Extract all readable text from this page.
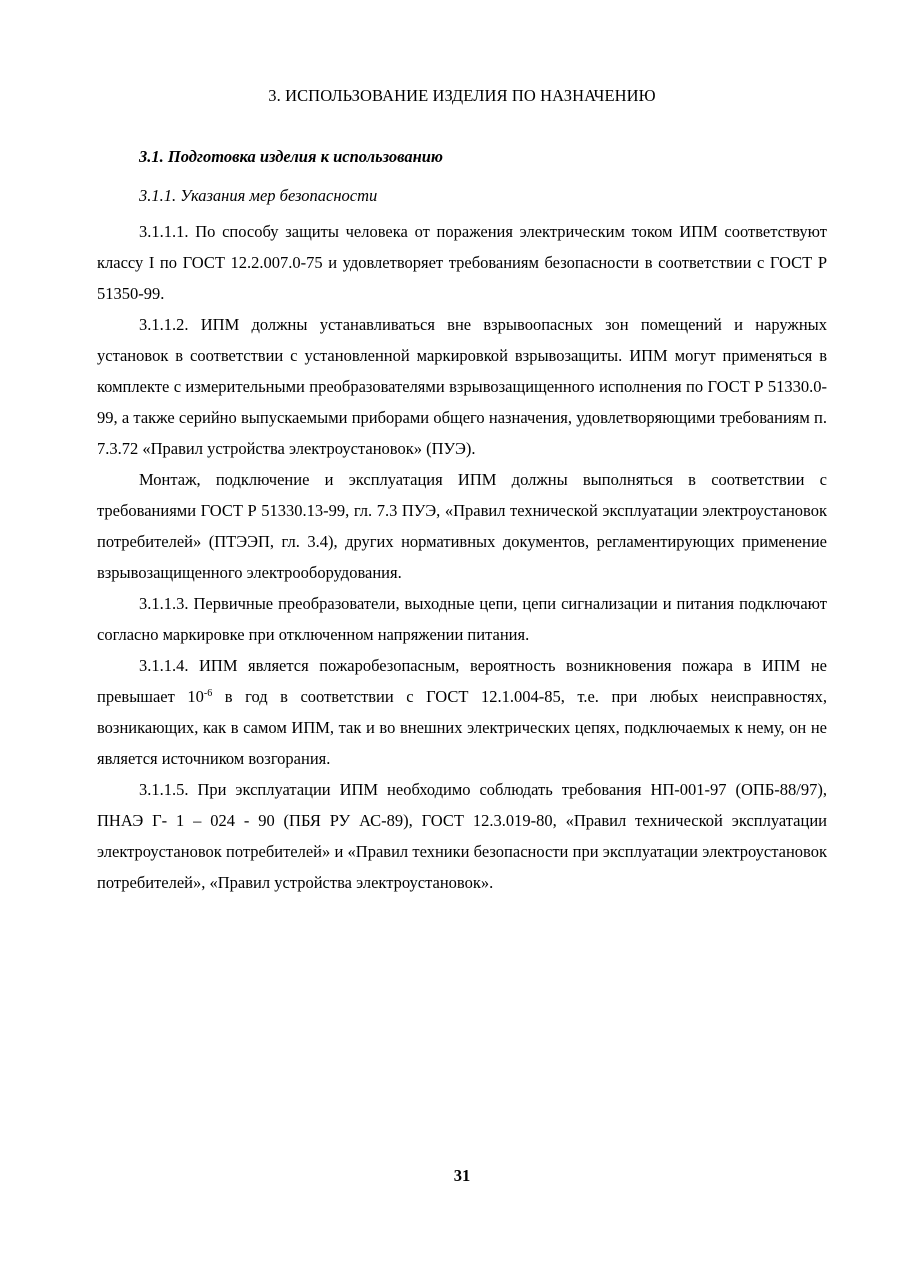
3. ИСПОЛЬЗОВАНИЕ ИЗДЕЛИЯ ПО НАЗНАЧЕНИЮ
3.1. Подготовка изделия к использованию
3.1.1. Указания мер безопасности

3.1.1.1. По способу защиты человека от поражения электрическим током ИПМ соответствуют классу I по ГОСТ 12.2.007.0-75 и удовлетворяет требованиям безопасности в соответствии с ГОСТ Р 51350-99.

3.1.1.2. ИПМ должны устанавливаться вне взрывоопасных зон помещений и наружных установок в соответствии с установленной маркировкой взрывозащиты. ИПМ могут применяться в комплекте с измерительными преобразователями взрывозащищенного исполнения по ГОСТ Р 51330.0-99, а также серийно выпускаемыми приборами общего назначения, удовлетворяющими требованиям п. 7.3.72 «Правил устройства электроустановок» (ПУЭ).

Монтаж, подключение и эксплуатация ИПМ должны выполняться в соответствии с требованиями ГОСТ Р 51330.13-99, гл. 7.3 ПУЭ, «Правил технической эксплуатации электроустановок потребителей» (ПТЭЭП, гл. 3.4), других нормативных документов, регламентирующих применение взрывозащищенного электрооборудования.

3.1.1.3. Первичные преобразователи, выходные цепи, цепи сигнализации и питания подключают согласно маркировке при отключенном напряжении питания.

3.1.1.4. ИПМ является пожаробезопасным, вероятность возникновения пожара в ИПМ не превышает $10^{-6}$ в год в соответствии с ГОСТ 12.1.004-85, т.е. при любых неисправностях, возникающих, как в самом ИПМ, так и во внешних электрических цепях, подключаемых к нему, он не является источником возгорания.

3.1.1.5. При эксплуатации ИПМ необходимо соблюдать требования НП-001-97 (ОПБ-88/97), ПНАЭ Г- 1 – 024 - 90 (ПБЯ РУ АС-89), ГОСТ 12.3.019-80, «Правил технической эксплуатации электроустановок потребителей» и «Правил техники безопасности при эксплуатации электроустановок потребителей», «Правил устройства электроустановок».

31
